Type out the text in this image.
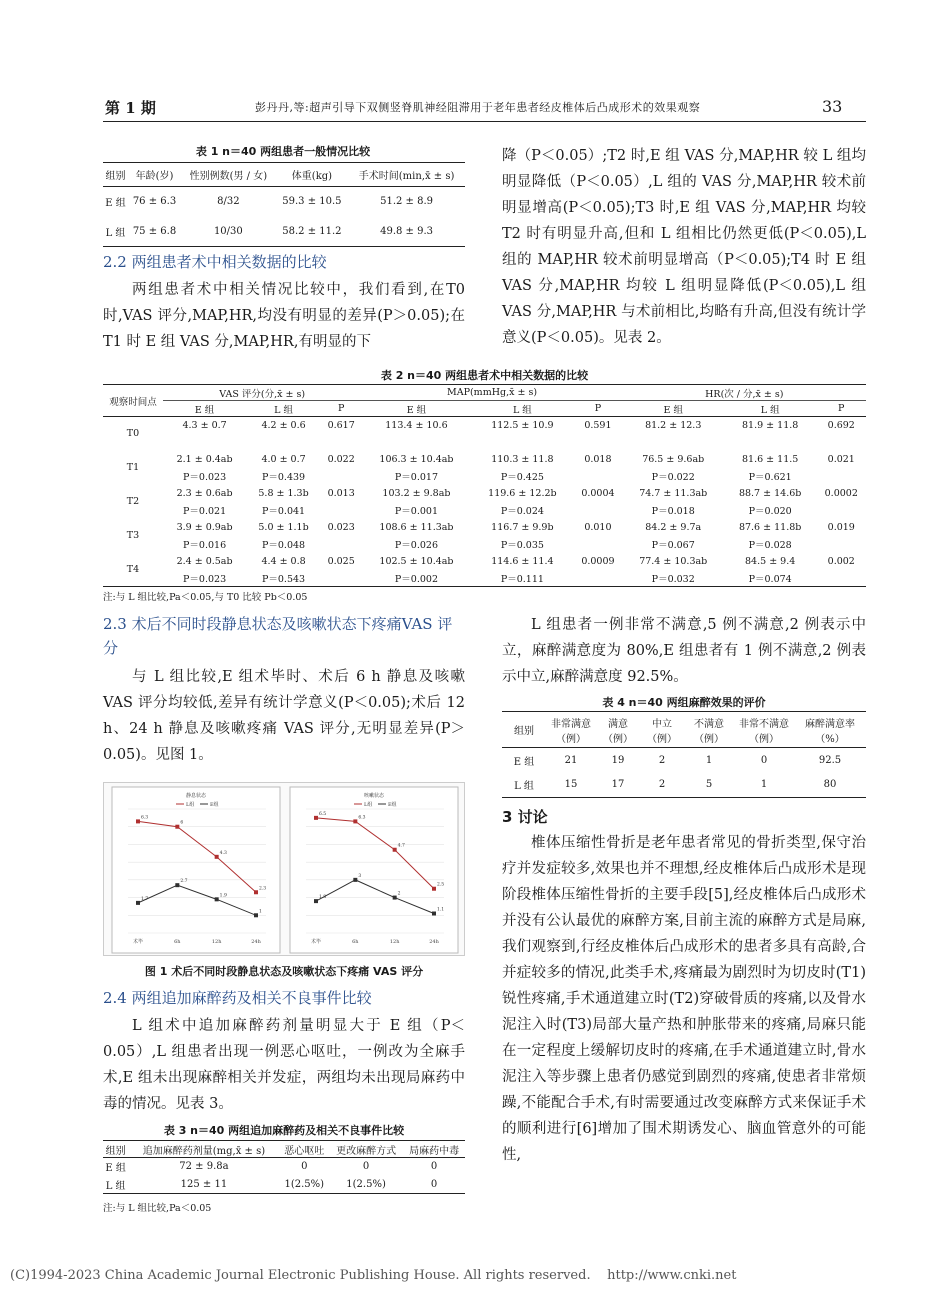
第 1 期	彭丹丹,等:超声引导下双侧竖脊肌神经阻滞用于老年患者经皮椎体后凸成形术的效果观察	33
表 1 n＝40 两组患者一般情况比较
组别	年龄(岁)	性别例数(男 / 女)	体重(kg)	手术时间(min,x̄ ± s)
E 组	76 ± 6.3	8/32	59.3 ± 10.5	51.2 ± 8.9
L 组	75 ± 6.8	10/30	58.2 ± 11.2	49.8 ± 9.3
2.2 两组患者术中相关数据的比较
两组患者术中相关情况比较中，我们看到,在T0 时,VAS 评分,MAP,HR,均没有明显的差异(P＞0.05);在 T1 时 E 组 VAS 分,MAP,HR,有明显的下
降（P＜0.05）;T2 时,E 组 VAS 分,MAP,HR 较 L 组均明显降低（P＜0.05）,L 组的 VAS 分,MAP,HR 较术前明显增高(P＜0.05);T3 时,E 组 VAS 分,MAP,HR 均较 T2 时有明显升高,但和 L 组相比仍然更低(P＜0.05),L 组的 MAP,HR 较术前明显增高（P＜0.05);T4 时 E 组 VAS 分,MAP,HR 均较 L 组明显降低(P＜0.05),L 组 VAS 分,MAP,HR 与术前相比,均略有升高,但没有统计学意义(P＜0.05)。见表 2。
表 2 n＝40 两组患者术中相关数据的比较
观察时间点	VAS 评分(分,x̄ ± s)			MAP(mmHg,x̄ ± s)			HR(次 / 分,x̄ ± s)		
	E 组	L 组	P	E 组	L 组	P	E 组	L 组	P
T0	4.3 ± 0.7	4.2 ± 0.6	0.617	113.4 ± 10.6	112.5 ± 10.9	0.591	81.2 ± 12.3	81.9 ± 11.8	0.692

T1	2.1 ± 0.4ab	4.0 ± 0.7	0.022	106.3 ± 10.4ab	110.3 ± 11.8	0.018	76.5 ± 9.6ab	81.6 ± 11.5	0.021
	P＝0.023	P＝0.439		P＝0.017	P＝0.425		P＝0.022	P＝0.621	
T2	2.3 ± 0.6ab	5.8 ± 1.3b	0.013	103.2 ± 9.8ab	119.6 ± 12.2b	0.0004	74.7 ± 11.3ab	88.7 ± 14.6b	0.0002
	P＝0.021	P＝0.041		P＝0.001	P＝0.024		P＝0.018	P＝0.020	
T3	3.9 ± 0.9ab	5.0 ± 1.1b	0.023	108.6 ± 11.3ab	116.7 ± 9.9b	0.010	84.2 ± 9.7a	87.6 ± 11.8b	0.019
	P＝0.016	P＝0.048		P＝0.026	P＝0.035		P＝0.067	P＝0.028	
T4	2.4 ± 0.5ab	4.4 ± 0.8	0.025	102.5 ± 10.4ab	114.6 ± 11.4	0.0009	77.4 ± 10.3ab	84.5 ± 9.4	0.002
	P＝0.023	P＝0.543		P＝0.002	P＝0.111		P＝0.032	P＝0.074	
注:与 L 组比较,Pa＜0.05,与 T0 比较 Pb＜0.05
2.3 术后不同时段静息状态及咳嗽状态下疼痛VAS 评分
与 L 组比较,E 组术毕时、术后 6 h 静息及咳嗽 VAS 评分均较低,差异有统计学意义(P＜0.05);术后 12 h、24 h 静息及咳嗽疼痛 VAS 评分,无明显差异(P＞0.05)。见图 1。
静息状态
L组	E组
术毕	6h	12h	24h
6.3
6
4.3
2.3
1.7
2.7
1.9
1
咳嗽状态
L组	E组
术毕	6h	12h	24h
6.5
6.3
4.7
2.5
1.8
3
2
1.1
图 1 术后不同时段静息状态及咳嗽状态下疼痛 VAS 评分
2.4 两组追加麻醉药及相关不良事件比较
L 组术中追加麻醉药剂量明显大于 E 组（P＜0.05）,L 组患者出现一例恶心呕吐，一例改为全麻手术,E 组未出现麻醉相关并发症，两组均未出现局麻药中毒的情况。见表 3。
表 3 n＝40 两组追加麻醉药及相关不良事件比较
组别	追加麻醉药剂量(mg,x̄ ± s)	恶心呕吐	更改麻醉方式	局麻药中毒
E 组	72 ± 9.8a	0	0	0
L 组	125 ± 11	1(2.5%)	1(2.5%)	0
注:与 L 组比较,Pa＜0.05
L 组患者一例非常不满意,5 例不满意,2 例表示中立，麻醉满意度为 80%,E 组患者有 1 例不满意,2 例表示中立,麻醉满意度 92.5%。
表 4 n＝40 两组麻醉效果的评价
组别	非常满意（例）	满意（例）	中立（例）	不满意（例）	非常不满意（例）	麻醉满意率（%）
E 组	21	19	2	1	0	92.5
L 组	15	17	2	5	1	80
3 讨论
椎体压缩性骨折是老年患者常见的骨折类型,保守治疗并发症较多,效果也并不理想,经皮椎体后凸成形术是现阶段椎体压缩性骨折的主要手段[5],经皮椎体后凸成形术并没有公认最优的麻醉方案,目前主流的麻醉方式是局麻,我们观察到,行经皮椎体后凸成形术的患者多具有高龄,合并症较多的情况,此类手术,疼痛最为剧烈时为切皮时(T1)锐性疼痛,手术通道建立时(T2)穿破骨质的疼痛,以及骨水泥注入时(T3)局部大量产热和肿胀带来的疼痛,局麻只能在一定程度上缓解切皮时的疼痛,在手术通道建立时,骨水泥注入等步骤上患者仍感觉到剧烈的疼痛,使患者非常烦躁,不能配合手术,有时需要通过改变麻醉方式来保证手术的顺利进行[6]增加了围术期诱发心、脑血管意外的可能性,
(C)1994-2023 China Academic Journal Electronic Publishing House. All rights reserved. http://www.cnki.net
